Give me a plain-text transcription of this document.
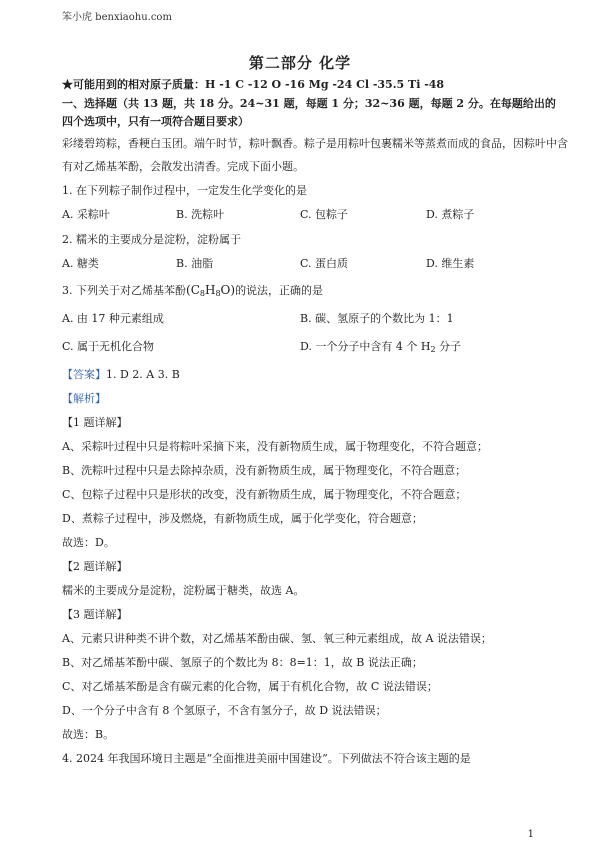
笨小虎 benxiaohu.com
第二部分 化学
★可能用到的相对原子质量：H -1 C -12 O -16 Mg -24 Cl -35.5 Ti -48
一、选择题（共 13 题，共 18 分。24~31 题，每题 1 分；32~36 题，每题 2 分。在每题给出的
四个选项中，只有一项符合题目要求）
彩缕碧筠粽，香粳白玉团。端午时节，粽叶飘香。粽子是用粽叶包裹糯米等蒸煮而成的食品，因粽叶中含
有对乙烯基苯酚，会散发出清香。完成下面小题。
1. 在下列粽子制作过程中，一定发生化学变化的是
A. 采粽叶	B. 洗粽叶	C. 包粽子	D. 煮粽子
2. 糯米的主要成分是淀粉，淀粉属于
A. 糖类	B. 油脂	C. 蛋白质	D. 维生素
3. 下列关于对乙烯基苯酚$(C_8H_8O)$的说法，正确的是
A. 由 17 种元素组成	B. 碳、氢原子的个数比为 1：1
C. 属于无机化合物	D. 一个分子中含有 4 个 $H_2$ 分子
【答案】1. D 2. A 3. B
【解析】
【1 题详解】
A、采粽叶过程中只是将粽叶采摘下来，没有新物质生成，属于物理变化，不符合题意；
B、洗粽叶过程中只是去除掉杂质，没有新物质生成，属于物理变化，不符合题意；
C、包粽子过程中只是形状的改变，没有新物质生成，属于物理变化，不符合题意；
D、煮粽子过程中，涉及燃烧，有新物质生成，属于化学变化，符合题意；
故选：D。
【2 题详解】
糯米的主要成分是淀粉，淀粉属于糖类，故选 A。
【3 题详解】
A、元素只讲种类不讲个数，对乙烯基苯酚由碳、氢、氧三种元素组成，故 A 说法错误；
B、对乙烯基苯酚中碳、氢原子的个数比为 8：8=1：1，故 B 说法正确；
C、对乙烯基苯酚是含有碳元素的化合物，属于有机化合物，故 C 说法错误；
D、一个分子中含有 8 个氢原子，不含有氢分子，故 D 说法错误；
故选：B。
4. 2024 年我国环境日主题是“全面推进美丽中国建设”。下列做法不符合该主题的是
1
